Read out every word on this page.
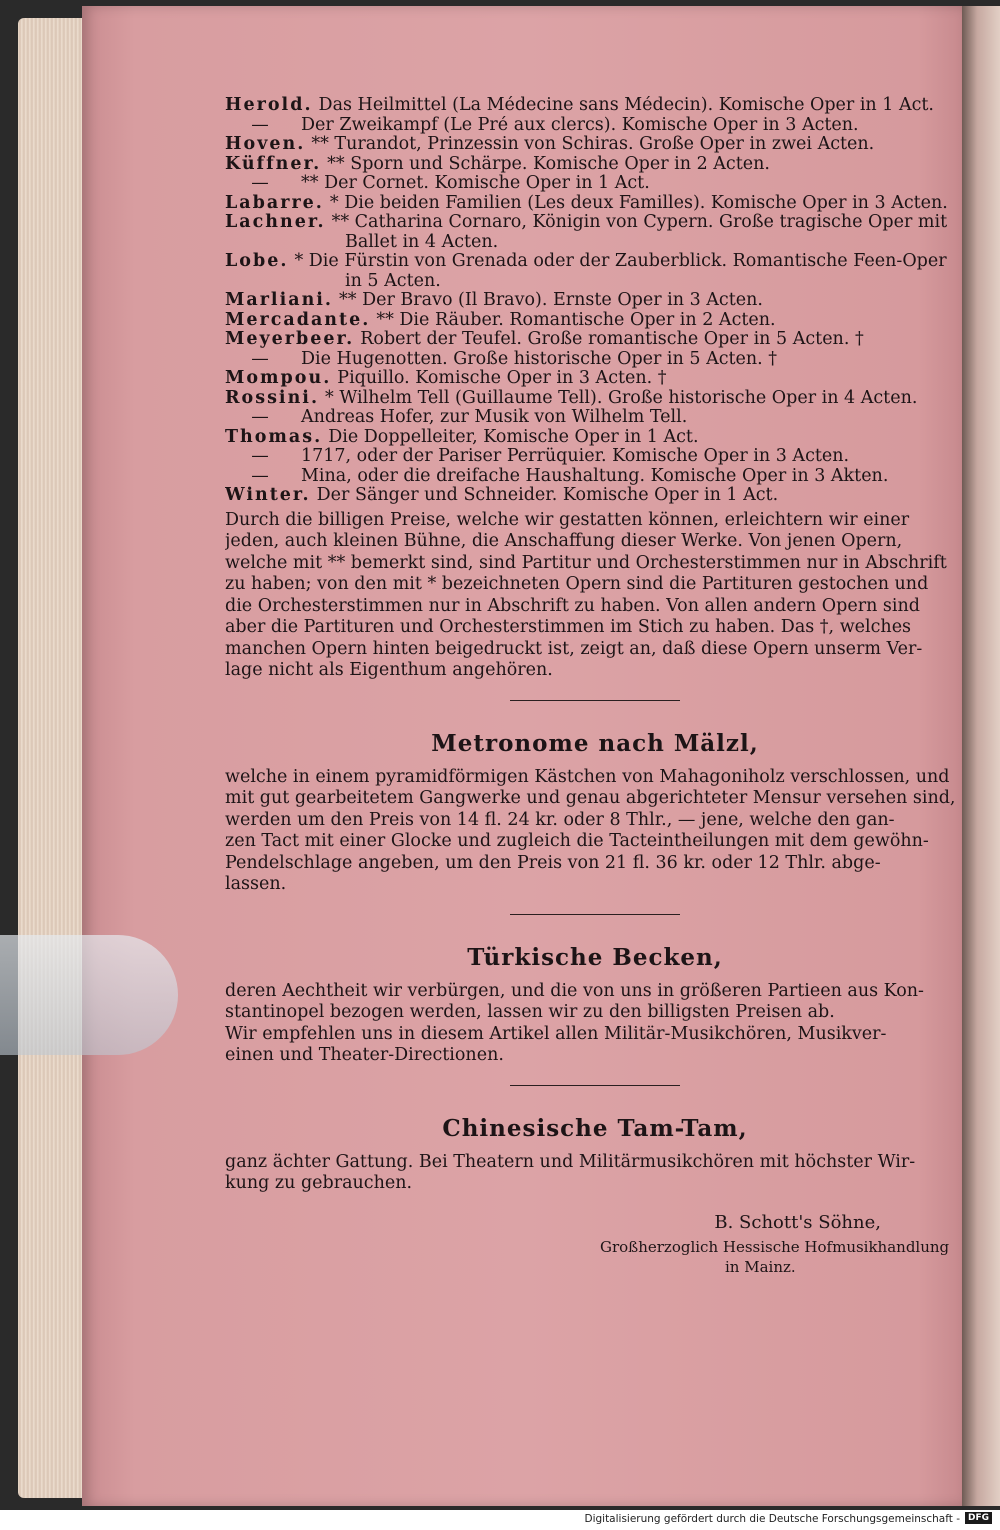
Herold. Das Heilmittel (La Médecine sans Médecin). Komische Oper in 1 Act.
— Der Zweikampf (Le Pré aux clercs). Komische Oper in 3 Acten.
Hoven. ** Turandot, Prinzessin von Schiras. Große Oper in zwei Acten.
Küffner. ** Sporn und Schärpe. Komische Oper in 2 Acten.
— ** Der Cornet. Komische Oper in 1 Act.
Labarre. * Die beiden Familien (Les deux Familles). Komische Oper in 3 Acten.
Lachner. ** Catharina Cornaro, Königin von Cypern. Große tragische Oper mit
Ballet in 4 Acten.
Lobe. * Die Fürstin von Grenada oder der Zauberblick. Romantische Feen-Oper
in 5 Acten.
Marliani. ** Der Bravo (Il Bravo). Ernste Oper in 3 Acten.
Mercadante. ** Die Räuber. Romantische Oper in 2 Acten.
Meyerbeer. Robert der Teufel. Große romantische Oper in 5 Acten. †
— Die Hugenotten. Große historische Oper in 5 Acten. †
Mompou. Piquillo. Komische Oper in 3 Acten. †
Rossini. * Wilhelm Tell (Guillaume Tell). Große historische Oper in 4 Acten.
— Andreas Hofer, zur Musik von Wilhelm Tell.
Thomas. Die Doppelleiter, Komische Oper in 1 Act.
— 1717, oder der Pariser Perrüquier. Komische Oper in 3 Acten.
— Mina, oder die dreifache Haushaltung. Komische Oper in 3 Akten.
Winter. Der Sänger und Schneider. Komische Oper in 1 Act.
Durch die billigen Preise, welche wir gestatten können, erleichtern wir einer
jeden, auch kleinen Bühne, die Anschaffung dieser Werke. Von jenen Opern,
welche mit ** bemerkt sind, sind Partitur und Orchesterstimmen nur in Abschrift
zu haben; von den mit * bezeichneten Opern sind die Partituren gestochen und
die Orchesterstimmen nur in Abschrift zu haben. Von allen andern Opern sind
aber die Partituren und Orchesterstimmen im Stich zu haben. Das †, welches
manchen Opern hinten beigedruckt ist, zeigt an, daß diese Opern unserm Ver-
lage nicht als Eigenthum angehören.
Metronome nach Mälzl,
welche in einem pyramidförmigen Kästchen von Mahagoniholz verschlossen, und
mit gut gearbeitetem Gangwerke und genau abgerichteter Mensur versehen sind,
werden um den Preis von 14 fl. 24 kr. oder 8 Thlr., — jene, welche den gan-
zen Tact mit einer Glocke und zugleich die Tacteintheilungen mit dem gewöhn-
Pendelschlage angeben, um den Preis von 21 fl. 36 kr. oder 12 Thlr. abge-
lassen.
Türkische Becken,
deren Aechtheit wir verbürgen, und die von uns in größeren Partieen aus Kon-
stantinopel bezogen werden, lassen wir zu den billigsten Preisen ab.
Wir empfehlen uns in diesem Artikel allen Militär-Musikchören, Musikver-
einen und Theater-Directionen.
Chinesische Tam-Tam,
ganz ächter Gattung. Bei Theatern und Militärmusikchören mit höchster Wir-
kung zu gebrauchen.
B. Schott's Söhne,
Großherzoglich Hessische Hofmusikhandlung
in Mainz.
Digitalisierung gefördert durch die Deutsche Forschungsgemeinschaft - DFG
